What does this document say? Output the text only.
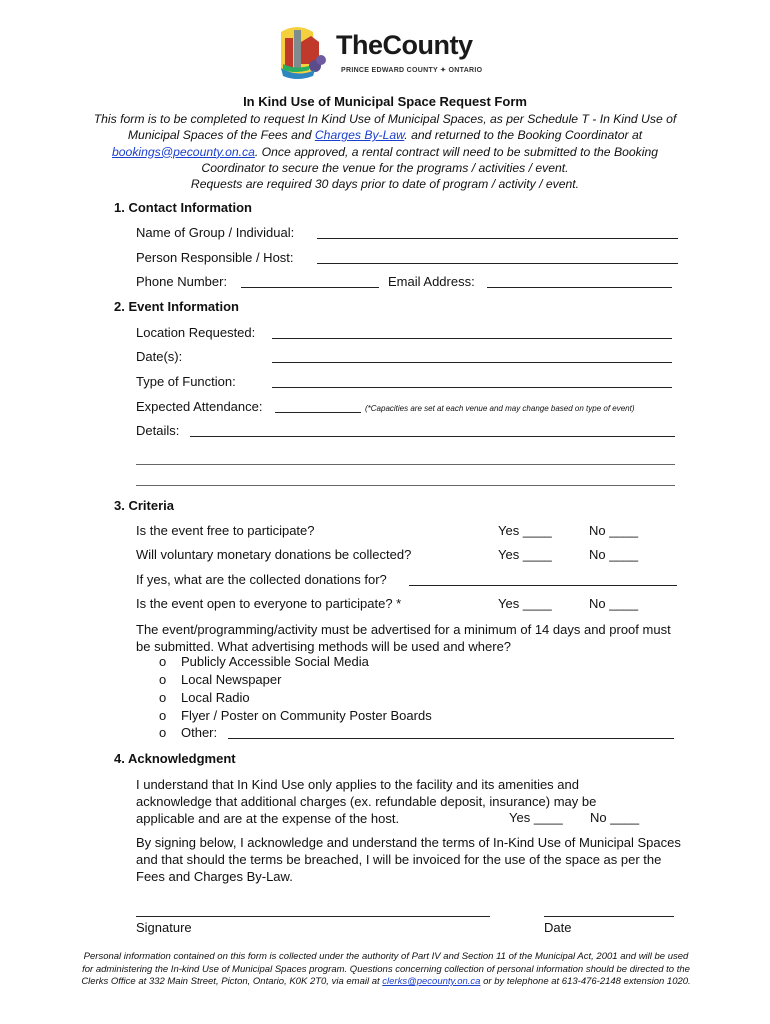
TheCounty
PRINCE EDWARD COUNTY ✦ ONTARIO
In Kind Use of Municipal Space Request Form
This form is to be completed to request In Kind Use of Municipal Spaces, as per Schedule T - In Kind Use of Municipal Spaces of the Fees and Charges By-Law. and returned to the Booking Coordinator at bookings@pecounty.on.ca. Once approved, a rental contract will need to be submitted to the Booking Coordinator to secure the venue for the programs / activities / event.
Requests are required 30 days prior to date of program / activity / event.
1. Contact Information
Name of Group / Individual:
Person Responsible / Host:
Phone Number:	Email Address:
2. Event Information
Location Requested:
Date(s):
Type of Function:
Expected Attendance:	(*Capacities are set at each venue and may change based on type of event)
Details:
3. Criteria
Is the event free to participate?	Yes ____	No ____
Will voluntary monetary donations be collected?	Yes ____	No ____
If yes, what are the collected donations for?
Is the event open to everyone to participate? *	Yes ____	No ____
The event/programming/activity must be advertised for a minimum of 14 days and proof must be submitted. What advertising methods will be used and where?
o Publicly Accessible Social Media
o Local Newspaper
o Local Radio
o Flyer / Poster on Community Poster Boards
o Other:
4. Acknowledgment
I understand that In Kind Use only applies to the facility and its amenities and acknowledge that additional charges (ex. refundable deposit, insurance) may be applicable and are at the expense of the host.	Yes ____ No ____
By signing below, I acknowledge and understand the terms of In-Kind Use of Municipal Spaces and that should the terms be breached, I will be invoiced for the use of the space as per the Fees and Charges By-Law.
Signature	Date
Personal information contained on this form is collected under the authority of Part IV and Section 11 of the Municipal Act, 2001 and will be used for administering the In-kind Use of Municipal Spaces program. Questions concerning collection of personal information should be directed to the Clerks Office at 332 Main Street, Picton, Ontario, K0K 2T0, via email at clerks@pecounty.on.ca or by telephone at 613-476-2148 extension 1020.
